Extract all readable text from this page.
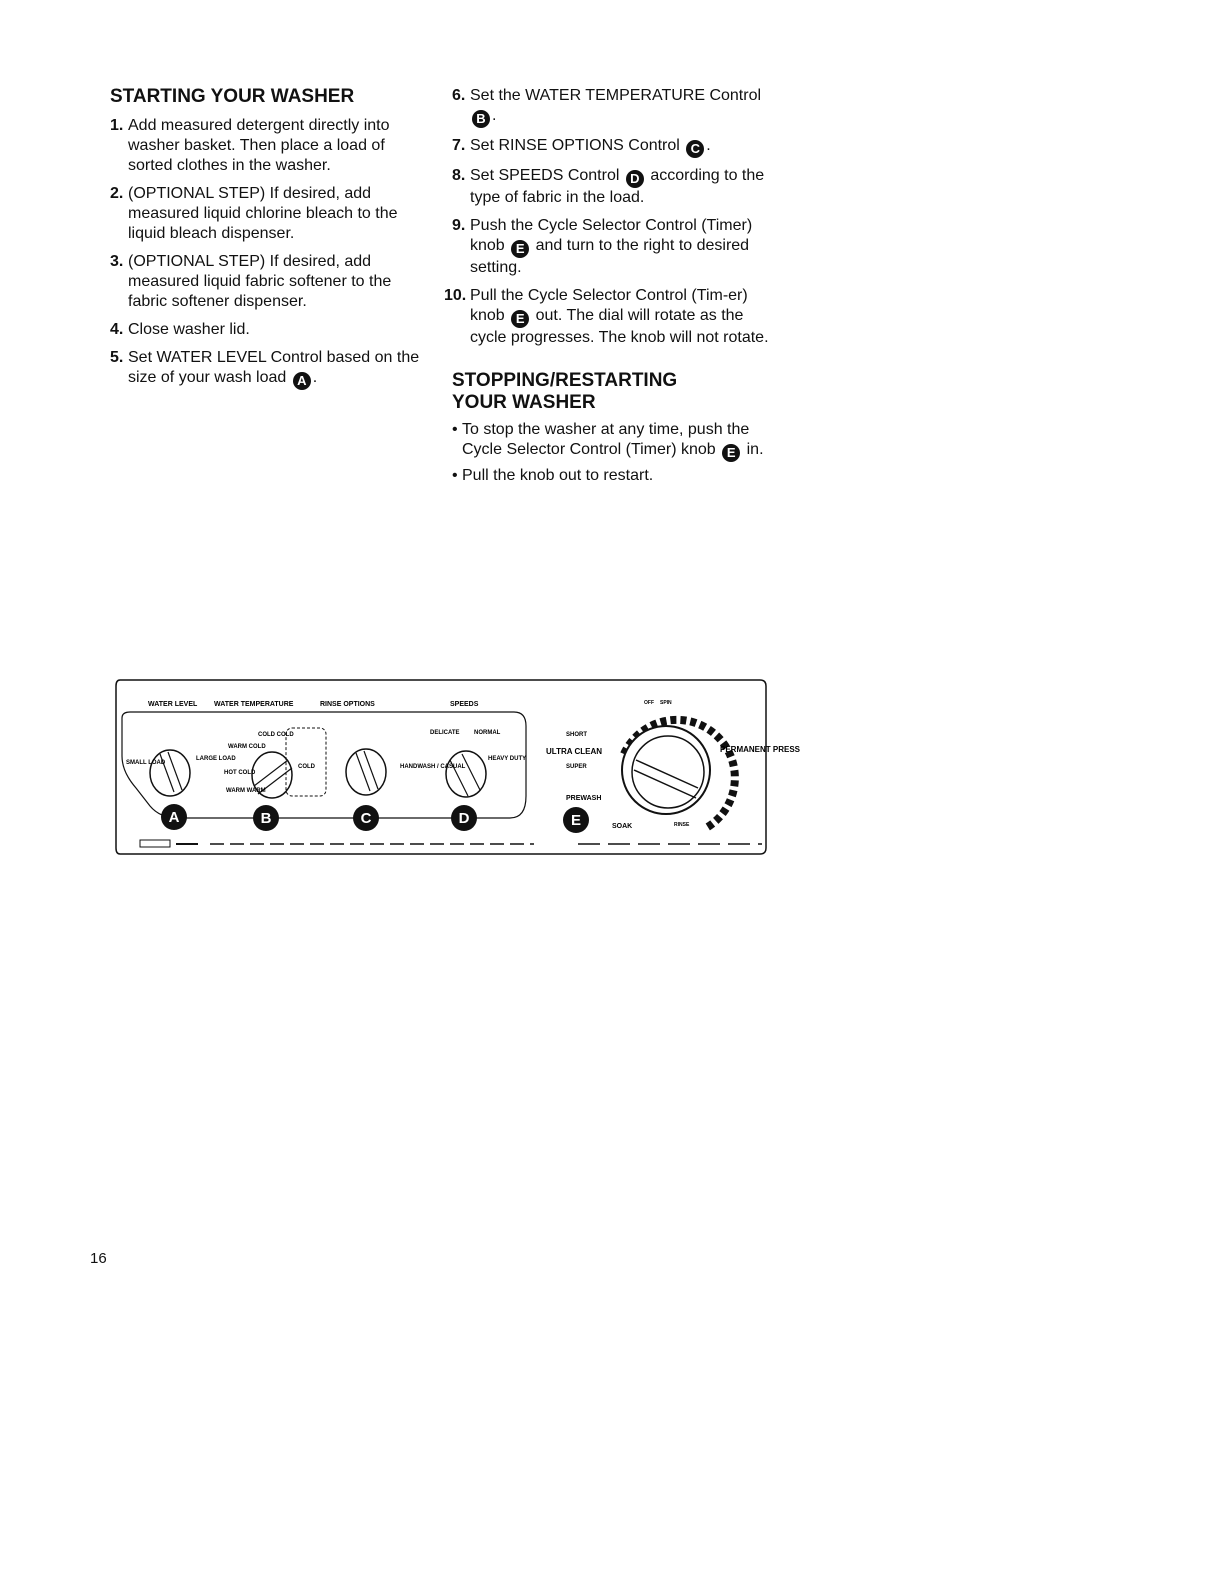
STARTING YOUR WASHER
1. Add measured detergent directly into washer basket. Then place a load of sorted clothes in the washer.
2. (OPTIONAL STEP) If desired, add measured liquid chlorine bleach to the liquid bleach dispenser.
3. (OPTIONAL STEP) If desired, add measured liquid fabric softener to the fabric softener dispenser.
4. Close washer lid.
5. Set WATER LEVEL Control based on the size of your wash load A .
6. Set the WATER TEMPERATURE Control B .
7. Set RINSE OPTIONS Control C .
8. Set SPEEDS Control D according to the type of fabric in the load.
9. Push the Cycle Selector Control (Timer) knob E and turn to the right to desired setting.
10. Pull the Cycle Selector Control (Tim-er) knob E out. The dial will rotate as the cycle progresses. The knob will not rotate.
STOPPING/RESTARTING
YOUR WASHER
• To stop the washer at any time, push the Cycle Selector Control (Timer) knob E in.
• Pull the knob out to restart.
WATER LEVEL WATER TEMPERATURE	RINSE OPTIONS	SPEEDS
SMALL LOAD
LARGE LOAD
WARM COLD
COLD COLD
HOT COLD
WARM WARM
COLD	HANDWASH / CASUAL
HEAVY DUTY
DELICATE NORMAL
ULTRA CLEAN
SUPER
SHORT
PREWASH
SOAK
PERMANENT PRESS
OFF SPIN
RINSE
A	B	C	D	E
16
